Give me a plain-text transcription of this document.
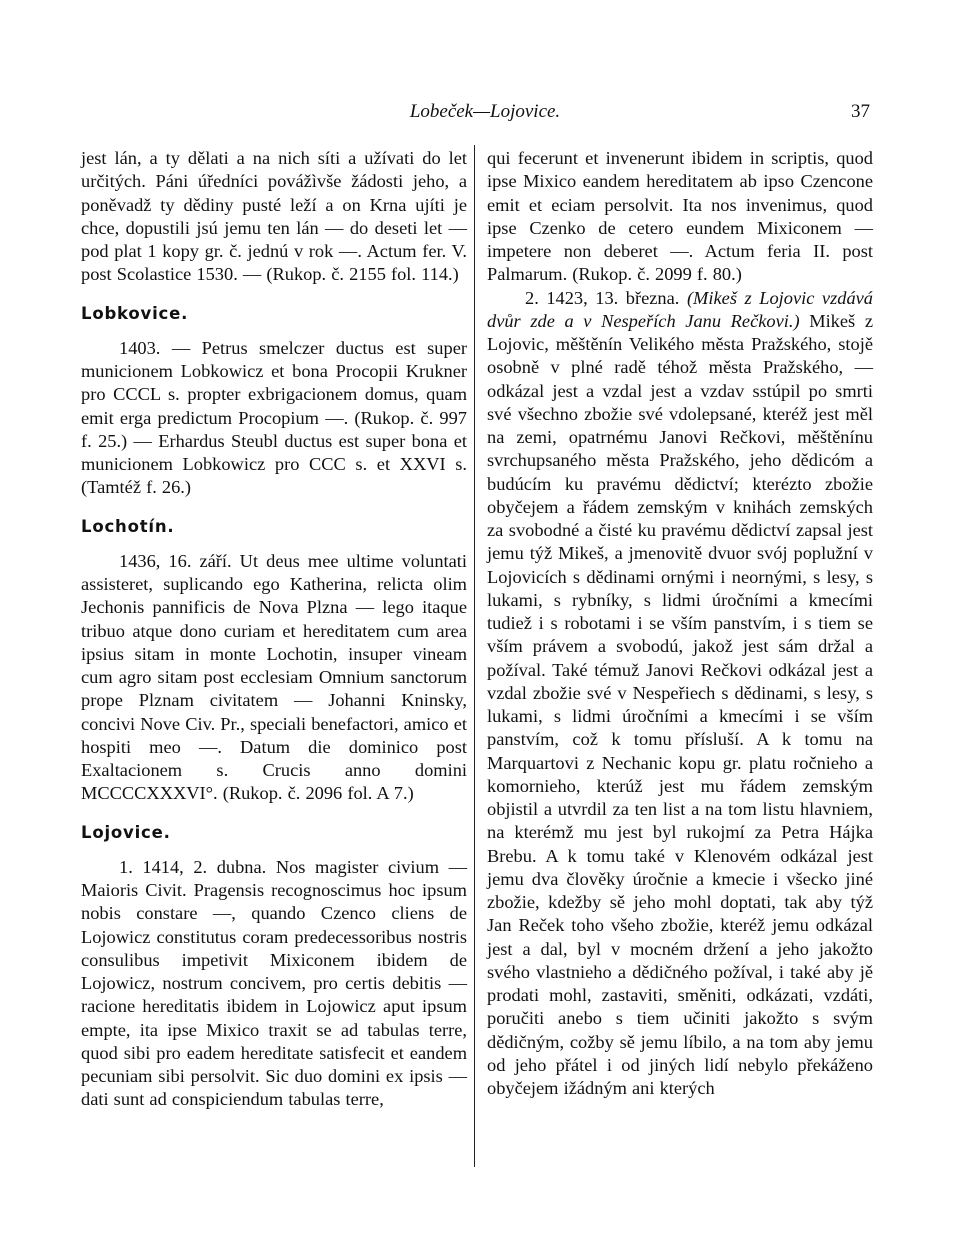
Lobeček—Lojovice.	37

jest lán, a ty dělati a na nich síti a užívati do let určitých. Páni úředníci povážìvše žádosti jeho, a poněvadž ty dědiny pusté leží a on Krna ujíti je chce, dopustili jsú jemu ten lán — do deseti let — pod plat 1 kopy gr. č. jednú v rok —. Actum fer. V. post Scolastice 1530. — (Rukop. č. 2155 fol. 114.)

Lobkovice.

1403. — Petrus smelczer ductus est super municionem Lobkowicz et bona Procopii Krukner pro CCCL s. propter exbrigacionem domus, quam emit erga predictum Procopium —. (Rukop. č. 997 f. 25.) — Erhardus Steubl ductus est super bona et municionem Lobkowicz pro CCC s. et XXVI s. (Tamtéž f. 26.)

Lochotín.

1436, 16. září. Ut deus mee ultime voluntati assisteret, suplicando ego Katherina, relicta olim Jechonis pannificis de Nova Plzna — lego itaque tribuo atque dono curiam et hereditatem cum area ipsius sitam in monte Lochotin, insuper vineam cum agro sitam post ecclesiam Omnium sanctorum prope Plznam civitatem — Johanni Kninsky, concivi Nove Civ. Pr., speciali benefactori, amico et hospiti meo —. Datum die dominico post Exaltacionem s. Crucis anno domini MCCCCXXXVI°. (Rukop. č. 2096 fol. A 7.)

Lojovice.

1. 1414, 2. dubna. Nos magister civium — Maioris Civit. Pragensis recognoscimus hoc ipsum nobis constare —, quando Czenco cliens de Lojowicz constitutus coram predecessoribus nostris consulibus impetivit Mixiconem ibidem de Lojowicz, nostrum concivem, pro certis debitis — racione hereditatis ibidem in Lojowicz aput ipsum empte, ita ipse Mixico traxit se ad tabulas terre, quod sibi pro eadem hereditate satisfecit et eandem pecuniam sibi persolvit. Sic duo domini ex ipsis — dati sunt ad conspiciendum tabulas terre,

qui fecerunt et invenerunt ibidem in scriptis, quod ipse Mixico eandem hereditatem ab ipso Czencone emit et eciam persolvit. Ita nos invenimus, quod ipse Czenko de cetero eundem Mixiconem — impetere non deberet —. Actum feria II. post Palmarum. (Rukop. č. 2099 f. 80.)

2. 1423, 13. března. (Mikeš z Lojovic vzdává dvůr zde a v Nespeřích Janu Rečkovi.) Mikeš z Lojovic, měštěnín Velikého města Pražského, stojě osobně v plné radě téhož města Pražského, — odkázal jest a vzdal jest a vzdav sstúpil po smrti své všechno zbožie své vdolepsané, kteréž jest měl na zemi, opatrnému Janovi Rečkovi, měštěnínu svrchupsaného města Pražského, jeho dědicóm a budúcím ku pravému dědictví; kterézto zbožie obyčejem a řádem zemským v knihách zemských za svobodné a čisté ku pravému dědictví zapsal jest jemu týž Mikeš, a jmenovitě dvuor svój poplužní v Lojovicích s dědinami ornými i neornými, s lesy, s lukami, s rybníky, s lidmi úročními a kmecími tudiež i s robotami i se vším panstvím, i s tiem se vším právem a svobodú, jakož jest sám držal a požíval. Také témuž Janovi Rečkovi odkázal jest a vzdal zbožie své v Nespeřiech s dědinami, s lesy, s lukami, s lidmi úročními a kmecími i se vším panstvím, což k tomu přísluší. A k tomu na Marquartovi z Nechanic kopu gr. platu ročnieho a komornieho, kterúž jest mu řádem zemským objistil a utvrdil za ten list a na tom listu hlavniem, na kterémž mu jest byl rukojmí za Petra Hájka Brebu. A k tomu také v Klenovém odkázal jest jemu dva člověky úročnie a kmecie i všecko jiné zbožie, kdežby sě jeho mohl doptati, tak aby týž Jan Reček toho všeho zbožie, kteréž jemu odkázal jest a dal, byl v mocném držení a jeho jakožto svého vlastnieho a dědičného požíval, i také aby jě prodati mohl, zastaviti, směniti, odkázati, vzdáti, poručiti anebo s tiem učiniti jakožto s svým dědičným, cožby sě jemu líbilo, a na tom aby jemu od jeho přátel i od jiných lidí nebylo překáženo obyčejem ižádným ani kterých
